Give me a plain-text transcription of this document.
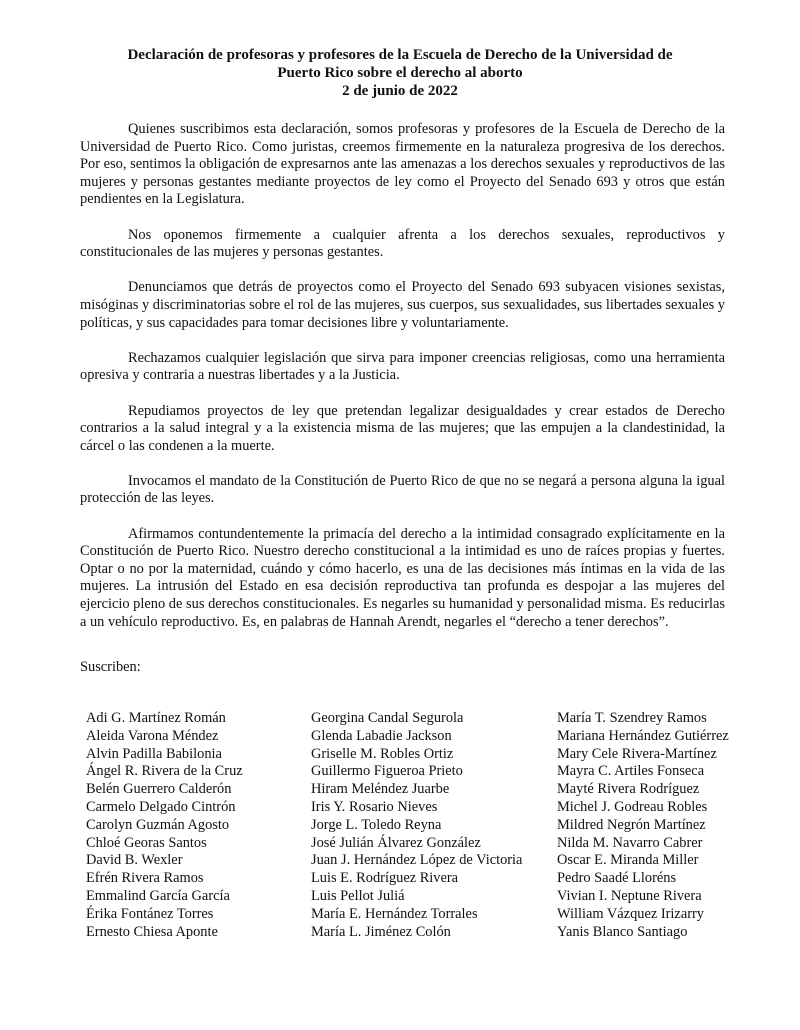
Declaración de profesoras y profesores de la Escuela de Derecho de la Universidad de
Puerto Rico sobre el derecho al aborto
2 de junio de 2022

Quienes suscribimos esta declaración, somos profesoras y profesores de la Escuela de Derecho de la Universidad de Puerto Rico. Como juristas, creemos firmemente en la naturaleza progresiva de los derechos. Por eso, sentimos la obligación de expresarnos ante las amenazas a los derechos sexuales y reproductivos de las mujeres y personas gestantes mediante proyectos de ley como el Proyecto del Senado 693 y otros que están pendientes en la Legislatura.

Nos oponemos firmemente a cualquier afrenta a los derechos sexuales, reproductivos y constitucionales de las mujeres y personas gestantes.

Denunciamos que detrás de proyectos como el Proyecto del Senado 693 subyacen visiones sexistas, misóginas y discriminatorias sobre el rol de las mujeres, sus cuerpos, sus sexualidades, sus libertades sexuales y políticas, y sus capacidades para tomar decisiones libre y voluntariamente.

Rechazamos cualquier legislación que sirva para imponer creencias religiosas, como una herramienta opresiva y contraria a nuestras libertades y a la Justicia.

Repudiamos proyectos de ley que pretendan legalizar desigualdades y crear estados de Derecho contrarios a la salud integral y a la existencia misma de las mujeres; que las empujen a la clandestinidad, la cárcel o las condenen a la muerte.

Invocamos el mandato de la Constitución de Puerto Rico de que no se negará a persona alguna la igual protección de las leyes.

Afirmamos contundentemente la primacía del derecho a la intimidad consagrado explícitamente en la Constitución de Puerto Rico. Nuestro derecho constitucional a la intimidad es uno de raíces propias y fuertes. Optar o no por la maternidad, cuándo y cómo hacerlo, es una de las decisiones más íntimas en la vida de las mujeres. La intrusión del Estado en esa decisión reproductiva tan profunda es despojar a las mujeres del ejercicio pleno de sus derechos constitucionales. Es negarles su humanidad y personalidad misma. Es reducirlas a un vehículo reproductivo. Es, en palabras de Hannah Arendt, negarles el “derecho a tener derechos”.

Suscriben:
Adi G. Martínez Román
Aleida Varona Méndez
Alvin Padilla Babilonia
Ángel R. Rivera de la Cruz
Belén Guerrero Calderón
Carmelo Delgado Cintrón
Carolyn Guzmán Agosto
Chloé Georas Santos
David B. Wexler
Efrén Rivera Ramos
Emmalind García García
Érika Fontánez Torres
Ernesto Chiesa Aponte
Georgina Candal Segurola
Glenda Labadie Jackson
Griselle M. Robles Ortiz
Guillermo Figueroa Prieto
Hiram Meléndez Juarbe
Iris Y. Rosario Nieves
Jorge L. Toledo Reyna
José Julián Álvarez González
Juan J. Hernández López de Victoria
Luis E. Rodríguez Rivera
Luis Pellot Juliá
María E. Hernández Torrales
María L. Jiménez Colón
María T. Szendrey Ramos
Mariana Hernández Gutiérrez
Mary Cele Rivera-Martínez
Mayra C. Artiles Fonseca
Mayté Rivera Rodríguez
Michel J. Godreau Robles
Mildred Negrón Martínez
Nilda M. Navarro Cabrer
Oscar E. Miranda Miller
Pedro Saadé Lloréns
Vivian I. Neptune Rivera
William Vázquez Irizarry
Yanis Blanco Santiago
